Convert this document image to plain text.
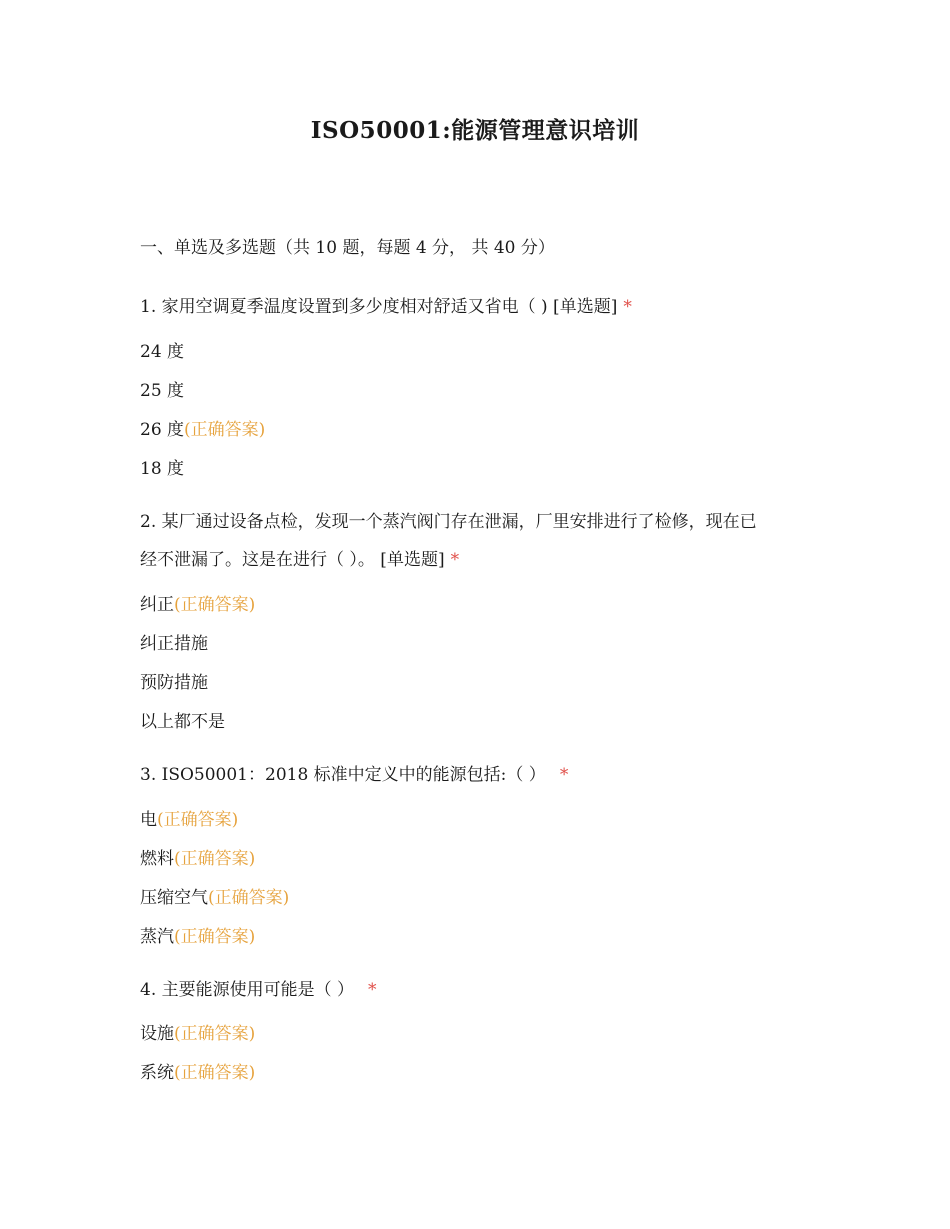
ISO50001:能源管理意识培训
一、单选及多选题（共 10 题，每题 4 分， 共 40 分）
1. 家用空调夏季温度设置到多少度相对舒适又省电（ ) [单选题] *
24 度
25 度
26 度(正确答案)
18 度
2. 某厂通过设备点检，发现一个蒸汽阀门存在泄漏，厂里安排进行了检修，现在已
经不泄漏了。这是在进行（ ）。 [单选题] *
纠正(正确答案)
纠正措施
预防措施
以上都不是
3. ISO50001：2018 标准中定义中的能源包括:（ ） *
电(正确答案)
燃料(正确答案)
压缩空气(正确答案)
蒸汽(正确答案)
4. 主要能源使用可能是（ ） *
设施(正确答案)
系统(正确答案)
